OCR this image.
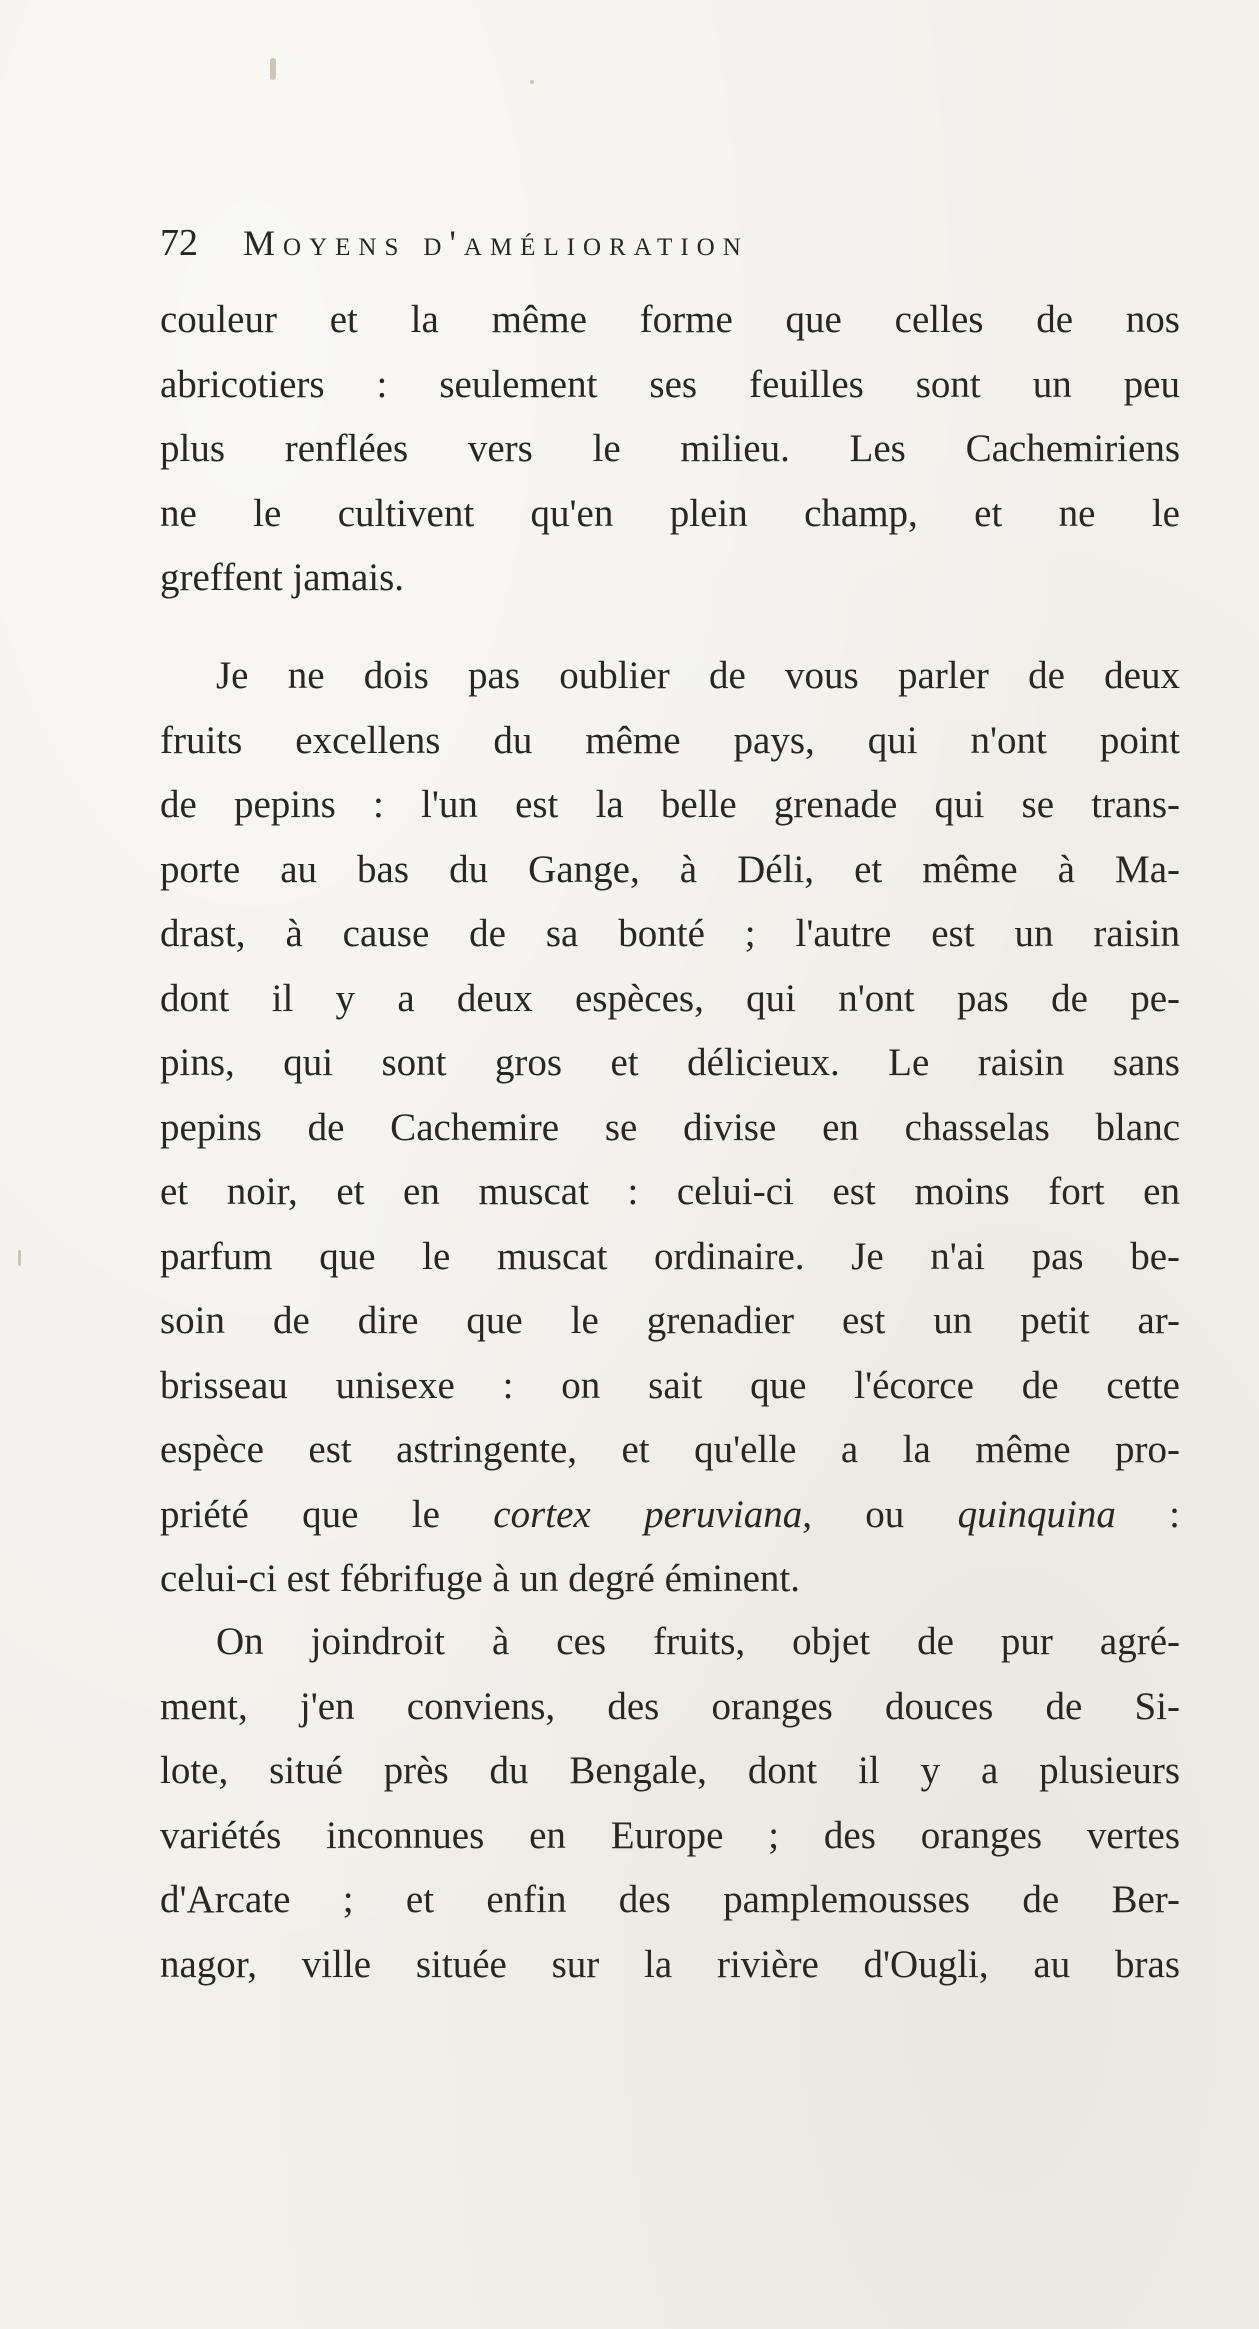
72 Moyens d'amélioration
couleur et la même forme que celles de nos
abricotiers : seulement ses feuilles sont un peu
plus renflées vers le milieu. Les Cachemiriens
ne le cultivent qu'en plein champ, et ne le
greffent jamais.
Je ne dois pas oublier de vous parler de deux
fruits excellens du même pays, qui n'ont point
de pepins : l'un est la belle grenade qui se trans-
porte au bas du Gange, à Déli, et même à Ma-
drast, à cause de sa bonté ; l'autre est un raisin
dont il y a deux espèces, qui n'ont pas de pe-
pins, qui sont gros et délicieux. Le raisin sans
pepins de Cachemire se divise en chasselas blanc
et noir, et en muscat : celui-ci est moins fort en
parfum que le muscat ordinaire. Je n'ai pas be-
soin de dire que le grenadier est un petit ar-
brisseau unisexe : on sait que l'écorce de cette
espèce est astringente, et qu'elle a la même pro-
priété que le cortex peruviana, ou quinquina :
celui-ci est fébrifuge à un degré éminent.
On joindroit à ces fruits, objet de pur agré-
ment, j'en conviens, des oranges douces de Si-
lote, situé près du Bengale, dont il y a plusieurs
variétés inconnues en Europe ; des oranges vertes
d'Arcate ; et enfin des pamplemousses de Ber-
nagor, ville située sur la rivière d'Ougli, au bras
